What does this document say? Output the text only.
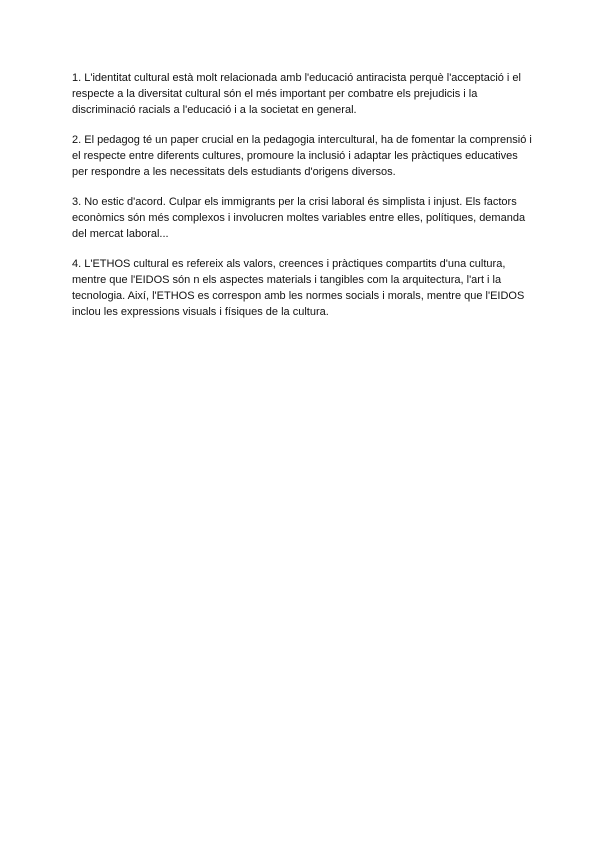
1. L'identitat cultural està molt relacionada amb l'educació antiracista perquè l'acceptació i el respecte a la diversitat cultural són el més important per combatre els prejudicis i la discriminació racials a l'educació i a la societat en general.

2. El pedagog té un paper crucial en la pedagogia intercultural, ha de fomentar la comprensió i el respecte entre diferents cultures, promoure la inclusió i adaptar les pràctiques educatives per respondre a les necessitats dels estudiants d'origens diversos.

3. No estic d'acord. Culpar els immigrants per la crisi laboral és simplista i injust. Els factors econòmics són més complexos i involucren moltes variables entre elles, polítiques, demanda del mercat laboral...

4. L'ETHOS cultural es refereix als valors, creences i pràctiques compartits d'una cultura, mentre que l'EIDOS són n els aspectes materials i tangibles com la arquitectura, l'art i la tecnologia. Així, l'ETHOS es correspon amb les normes socials i morals, mentre que l'EIDOS inclou les expressions visuals i físiques de la cultura.
